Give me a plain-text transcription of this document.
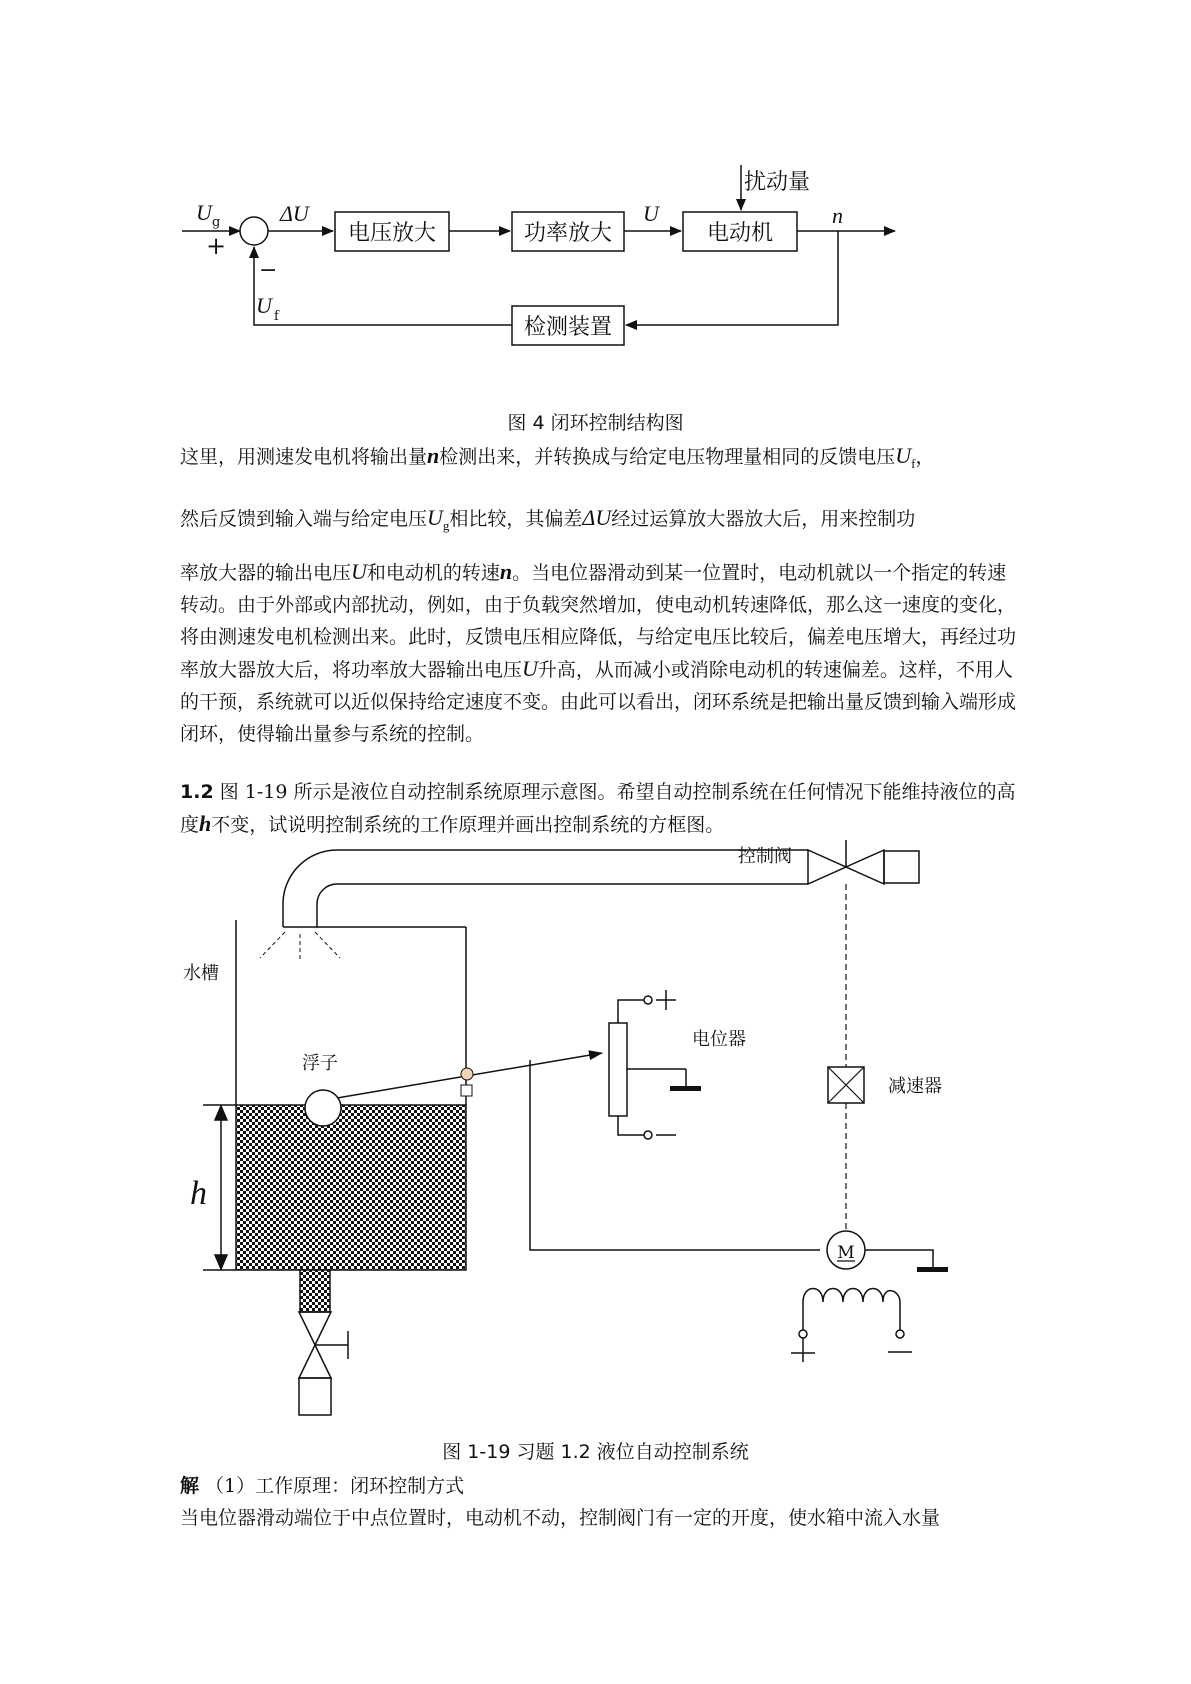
U g
+
−
ΔU
电压放大	功率放大
U
电动机
扰动量
n
U f	检测装置
图 4 闭环控制结构图

这里，用测速发电机将输出量n检测出来，并转换成与给定电压物理量相同的反馈电压$U_f$，

然后反馈到输入端与给定电压$U_g$相比较，其偏差ΔU经过运算放大器放大后，用来控制功

率放大器的输出电压U和电动机的转速n。当电位器滑动到某一位置时，电动机就以一个指定的转速转动。由于外部或内部扰动，例如，由于负载突然增加，使电动机转速降低，那么这一速度的变化，将由测速发电机检测出来。此时，反馈电压相应降低，与给定电压比较后，偏差电压增大，再经过功率放大器放大后，将功率放大器输出电压U升高，从而减小或消除电动机的转速偏差。这样，不用人的干预，系统就可以近似保持给定速度不变。由此可以看出，闭环系统是把输出量反馈到输入端形成闭环，使得输出量参与系统的控制。

1.2 图 1-19 所示是液位自动控制系统原理示意图。希望自动控制系统在任何情况下能维持液位的高度h不变，试说明控制系统的工作原理并画出控制系统的方框图。

M
控制阀
水槽
浮子
电位器
减速器
h
图 1-19 习题 1.2 液位自动控制系统

解 （1）工作原理：闭环控制方式

当电位器滑动端位于中点位置时，电动机不动，控制阀门有一定的开度，使水箱中流入水量
